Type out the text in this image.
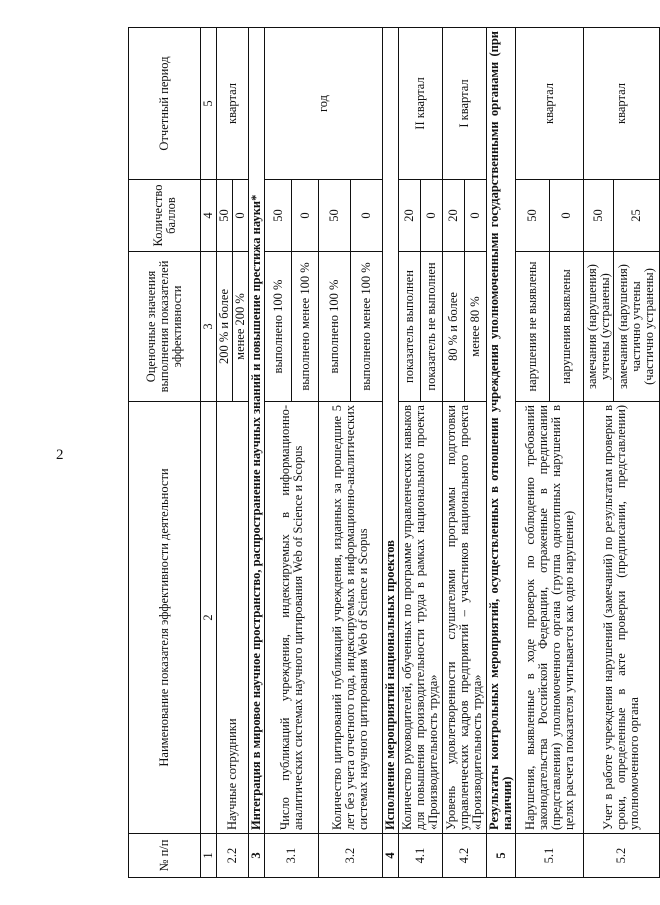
2
№ п/п	Наименование показателя эффективности деятельности	Оценочные значения выполнения показателей эффективности	Количество баллов	Отчетный период
1	2	3	4	5
2.2	Научные сотрудники	200 % и более	50	квартал
		менее 200 %	0	
3	Интеграция в мировое научное пространство, распространение научных знаний и повышение престижа науки*			
3.1	Число публикаций учреждения, индексируемых в информационно-аналитических системах научного цитирования Web of Science и Scopus	выполнено 100 %	50	год
		выполнено менее 100 %	0	
3.2	Количество цитирований публикаций учреждения, изданных за прошедшие 5 лет без учета отчетного года, индексируемых в информационно-аналитических системах научного цитирования Web of Science и Scopus	выполнено 100 %	50	
		выполнено менее 100 %	0	
4	Исполнение мероприятий национальных проектов			
4.1	Количество руководителей, обученных по программе управленческих навыков для повышения производительности труда в рамках национального проекта «Производительность труда»	показатель выполнен	20	II квартал
		показатель не выполнен	0	
4.2	Уровень удовлетворенности слушателями программы подготовки управленческих кадров предприятий – участников национального проекта «Производительность труда»	80 % и более	20	I квартал
		менее 80 %	0	
5	Результаты контрольных мероприятий, осуществленных в отношении учреждения уполномоченными государственными органами (при наличии)			
5.1	Нарушения, выявленные в ходе проверок по соблюдению требований законодательства Российской Федерации, отраженные в предписании (представлении) уполномоченного органа (группа однотипных нарушений в целях расчета показателя учитывается как одно нарушение)	нарушения не выявлены	50	квартал
		нарушения выявлены	0	
5.2	Учет в работе учреждения нарушений (замечаний) по результатам проверки в сроки, определенные в акте проверки (предписании, представлении) уполномоченного органа	замечания (нарушения) учтены (устранены)	50	квартал
		замечания (нарушения) частично учтены (частично устранены)	25	
